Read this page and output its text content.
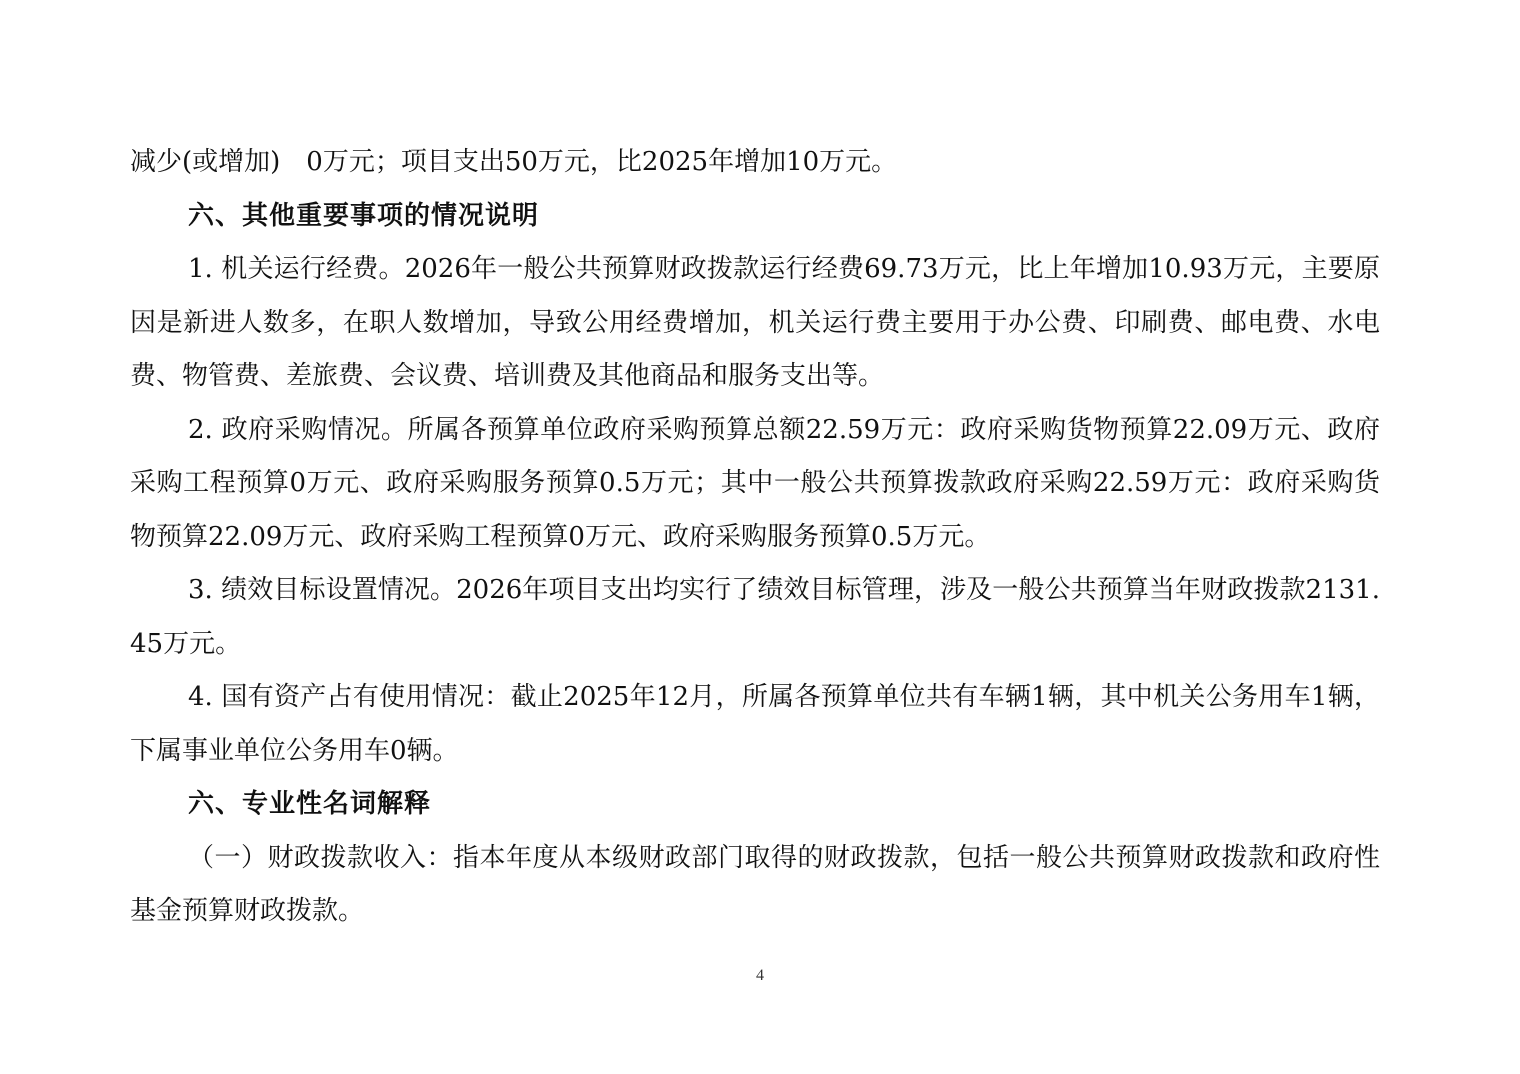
减少(或增加)　0万元；项目支出50万元，比2025年增加10万元。

六、其他重要事项的情况说明

1. 机关运行经费。2026年一般公共预算财政拨款运行经费69.73万元，比上年增加10.93万元，主要原因是新进人数多，在职人数增加，导致公用经费增加，机关运行费主要用于办公费、印刷费、邮电费、水电费、物管费、差旅费、会议费、培训费及其他商品和服务支出等。

2. 政府采购情况。所属各预算单位政府采购预算总额22.59万元：政府采购货物预算22.09万元、政府采购工程预算0万元、政府采购服务预算0.5万元；其中一般公共预算拨款政府采购22.59万元：政府采购货物预算22.09万元、政府采购工程预算0万元、政府采购服务预算0.5万元。

3. 绩效目标设置情况。2026年项目支出均实行了绩效目标管理，涉及一般公共预算当年财政拨款2131.45万元。

4. 国有资产占有使用情况：截止2025年12月，所属各预算单位共有车辆1辆，其中机关公务用车1辆，下属事业单位公务用车0辆。

六、专业性名词解释

（一）财政拨款收入：指本年度从本级财政部门取得的财政拨款，包括一般公共预算财政拨款和政府性基金预算财政拨款。

4
